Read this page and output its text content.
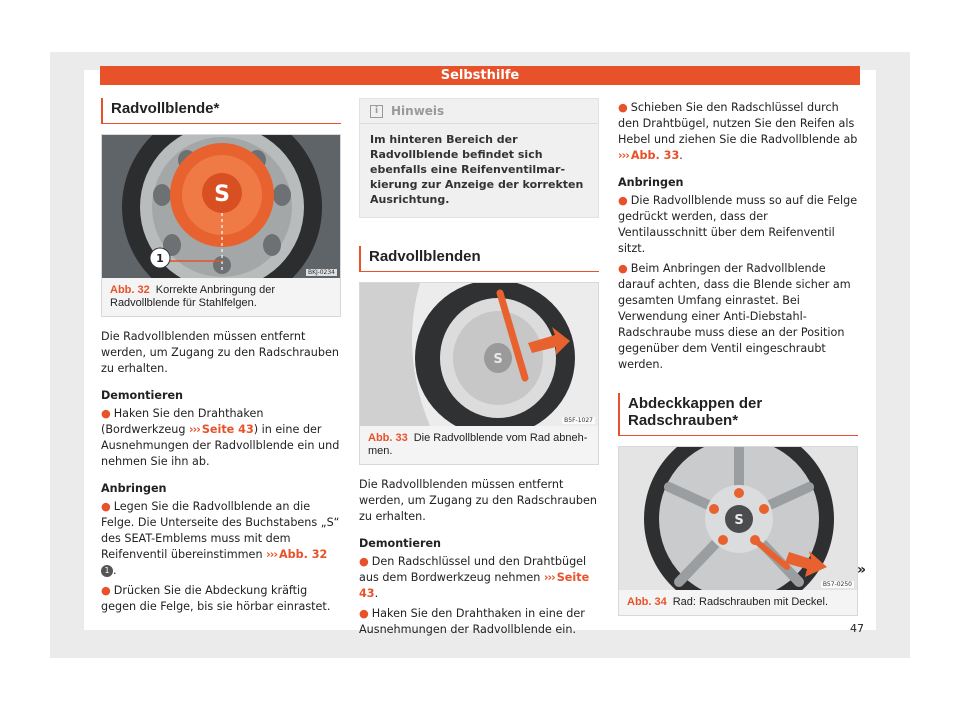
Selbsthilfe
Radvollblende*
S
1
BKJ-0234
Abb. 32 Korrekte Anbringung der Radvollblende für Stahlfelgen.

Die Radvollblenden müssen entfernt werden, um Zugang zu den Radschrauben zu erhalten.

Demontieren
● Haken Sie den Drahthaken (Bordwerkzeug ››› Seite 43) in eine der Ausnehmungen der Radvollblende ein und nehmen Sie ihn ab.
Anbringen
● Legen Sie die Radvollblende an die Felge. Die Unterseite des Buchstabens „S“ des SEAT-Emblems muss mit dem Reifenventil übereinstimmen ››› Abb. 32 1 .
● Drücken Sie die Abdeckung kräftig gegen die Felge, bis sie hörbar einrastet.
i	Hinweis
Im hinteren Bereich der Radvollblende befindet sich ebenfalls eine Reifenventilmarkierung zur Anzeige der korrekten Ausrichtung.
Radvollblenden
S
B5F-1027
Abb. 33 Die Radvollblende vom Rad abnehmen.

Die Radvollblenden müssen entfernt werden, um Zugang zu den Radschrauben zu erhalten.

Demontieren
● Den Radschlüssel und den Drahtbügel aus dem Bordwerkzeug nehmen ››› Seite 43.
● Haken Sie den Drahthaken in eine der Ausnehmungen der Radvollblende ein.
● Schieben Sie den Radschlüssel durch den Drahtbügel, nutzen Sie den Reifen als Hebel und ziehen Sie die Radvollblende ab ››› Abb. 33.
Anbringen
● Die Radvollblende muss so auf die Felge gedrückt werden, dass der Ventilausschnitt über dem Reifenventil sitzt.
● Beim Anbringen der Radvollblende darauf achten, dass die Blende sicher am gesamten Umfang einrastet. Bei Verwendung einer Anti-Diebstahl-Radschraube muss diese an der Position gegenüber dem Ventil eingeschraubt werden.
Abdeckkappen der Radschrauben*
S
B57-0250
Abb. 34 Rad: Radschrauben mit Deckel.
»
47
